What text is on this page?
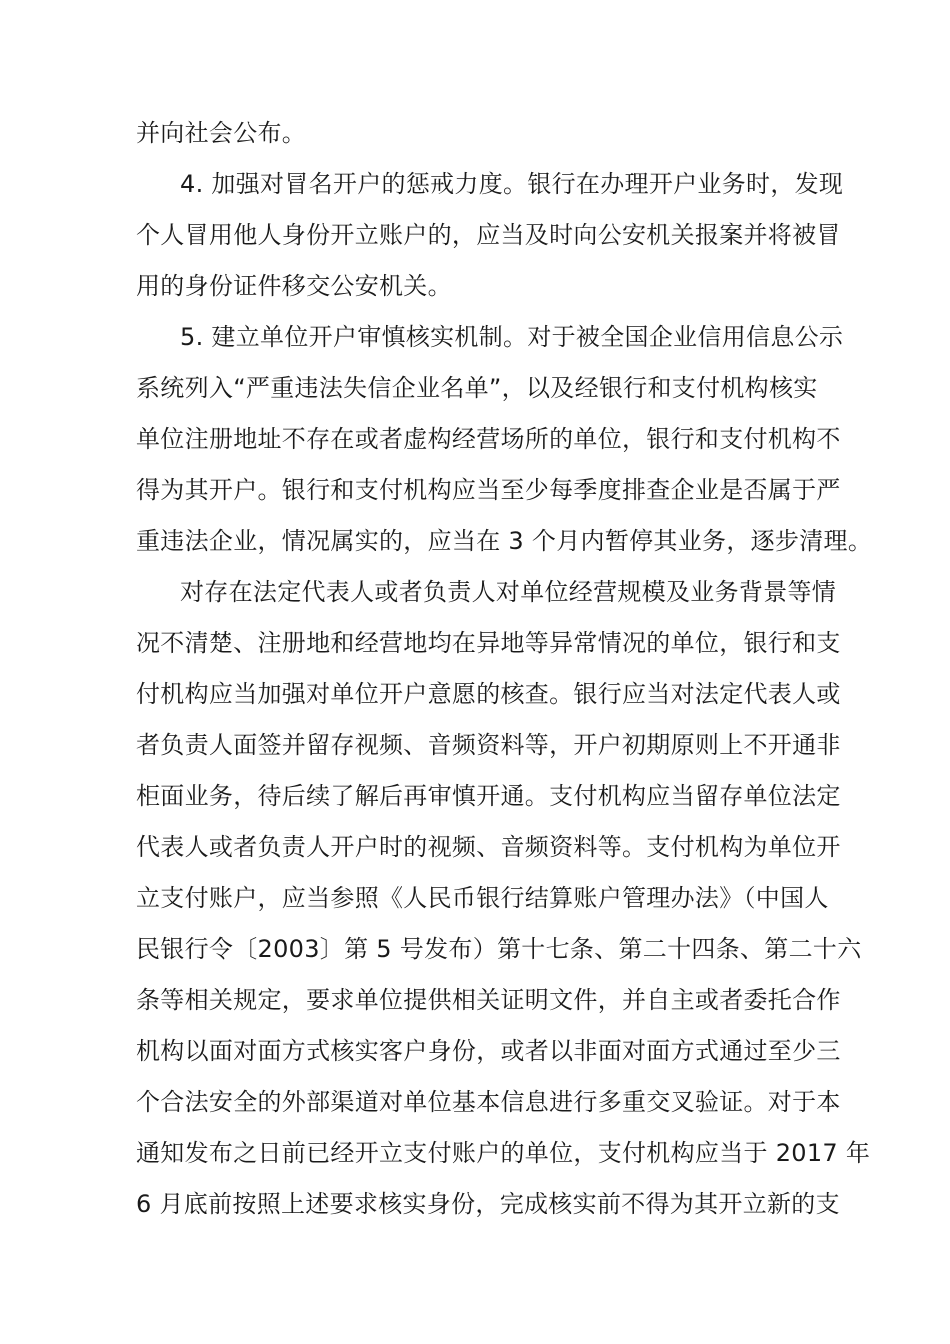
并向社会公布。
4. 加强对冒名开户的惩戒力度。银行在办理开户业务时，发现
个人冒用他人身份开立账户的，应当及时向公安机关报案并将被冒
用的身份证件移交公安机关。
5. 建立单位开户审慎核实机制。对于被全国企业信用信息公示
系统列入“严重违法失信企业名单”，以及经银行和支付机构核实
单位注册地址不存在或者虚构经营场所的单位，银行和支付机构不
得为其开户。银行和支付机构应当至少每季度排查企业是否属于严
重违法企业，情况属实的，应当在 3 个月内暂停其业务，逐步清理。
对存在法定代表人或者负责人对单位经营规模及业务背景等情
况不清楚、注册地和经营地均在异地等异常情况的单位，银行和支
付机构应当加强对单位开户意愿的核查。银行应当对法定代表人或
者负责人面签并留存视频、音频资料等，开户初期原则上不开通非
柜面业务，待后续了解后再审慎开通。支付机构应当留存单位法定
代表人或者负责人开户时的视频、音频资料等。支付机构为单位开
立支付账户，应当参照《人民币银行结算账户管理办法》（中国人
民银行令〔2003〕第 5 号发布）第十七条、第二十四条、第二十六
条等相关规定，要求单位提供相关证明文件，并自主或者委托合作
机构以面对面方式核实客户身份，或者以非面对面方式通过至少三
个合法安全的外部渠道对单位基本信息进行多重交叉验证。对于本
通知发布之日前已经开立支付账户的单位，支付机构应当于 2017 年
6 月底前按照上述要求核实身份，完成核实前不得为其开立新的支
